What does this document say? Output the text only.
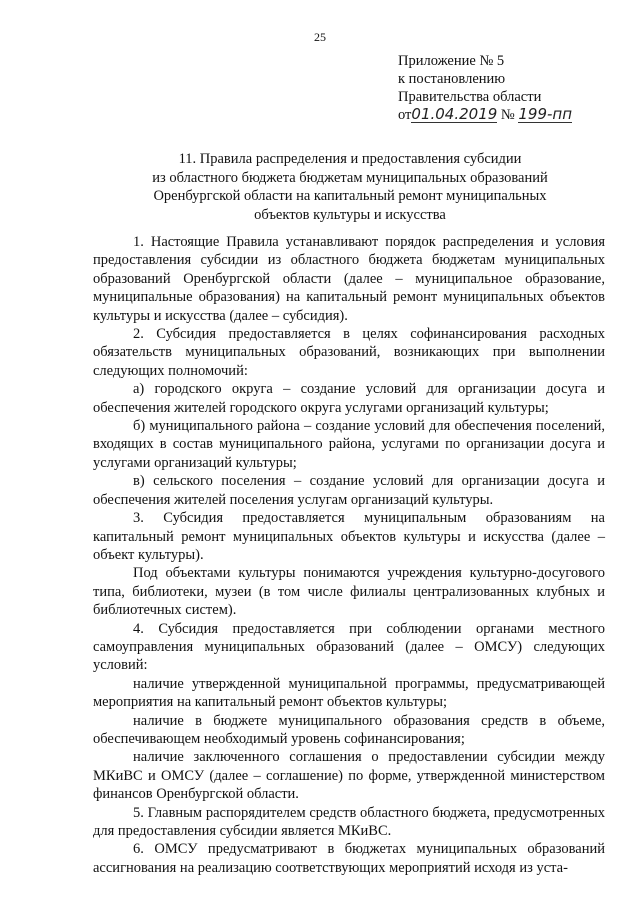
25
Приложение № 5
к постановлению
Правительства области
от01.04.2019 № 199-пп
11. Правила распределения и предоставления субсидии
из областного бюджета бюджетам муниципальных образований
Оренбургской области на капитальный ремонт муниципальных
объектов культуры и искусства

1. Настоящие Правила устанавливают порядок распределения и условия предоставления субсидии из областного бюджета бюджетам муниципальных образований Оренбургской области (далее – муниципальное образование, муниципальные образования) на капитальный ремонт муниципальных объектов культуры и искусства (далее – субсидия).

2. Субсидия предоставляется в целях софинансирования расходных обязательств муниципальных образований, возникающих при выполнении следующих полномочий:

а) городского округа – создание условий для организации досуга и обеспечения жителей городского округа услугами организаций культуры;

б) муниципального района – создание условий для обеспечения поселений, входящих в состав муниципального района, услугами по организации досуга и услугами организаций культуры;

в) сельского поселения – создание условий для организации досуга и обеспечения жителей поселения услугам организаций культуры.

3. Субсидия предоставляется муниципальным образованиям на капитальный ремонт муниципальных объектов культуры и искусства (далее – объект культуры).

Под объектами культуры понимаются учреждения культурно-досугового типа, библиотеки, музеи (в том числе филиалы централизованных клубных и библиотечных систем).

4. Субсидия предоставляется при соблюдении органами местного самоуправления муниципальных образований (далее – ОМСУ) следующих условий:

наличие утвержденной муниципальной программы, предусматривающей мероприятия на капитальный ремонт объектов культуры;

наличие в бюджете муниципального образования средств в объеме, обеспечивающем необходимый уровень софинансирования;

наличие заключенного соглашения о предоставлении субсидии между МКиВС и ОМСУ (далее – соглашение) по форме, утвержденной министерством финансов Оренбургской области.

5. Главным распорядителем средств областного бюджета, предусмотренных для предоставления субсидии является МКиВС.

6. ОМСУ предусматривают в бюджетах муниципальных образований ассигнования на реализацию соответствующих мероприятий исходя из уста-
